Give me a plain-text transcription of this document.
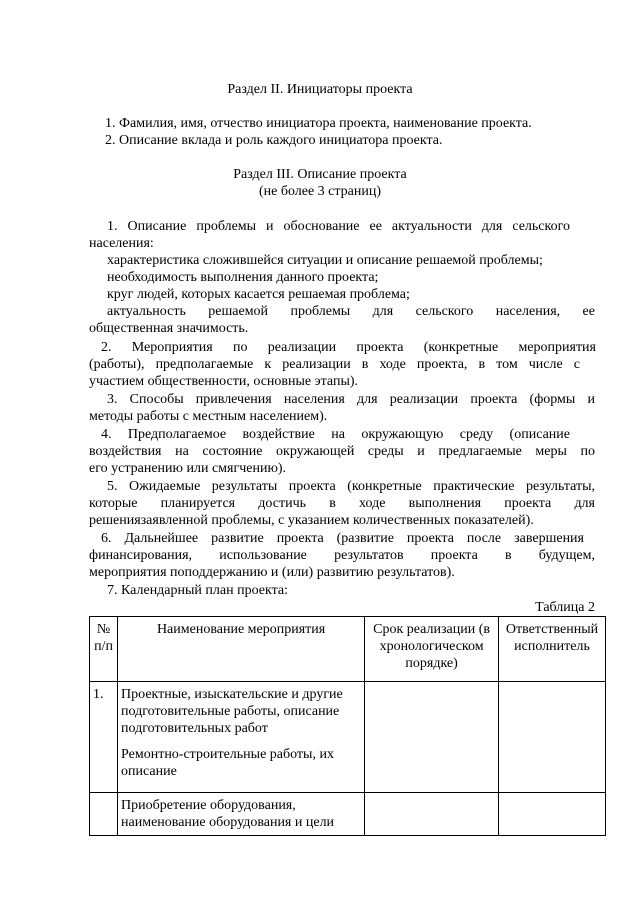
Раздел II. Инициаторы проекта
1. Фамилия, имя, отчество инициатора проекта, наименование проекта.
2. Описание вклада и роль каждого инициатора проекта.
Раздел III. Описание проекта
(не более 3 страниц)
1. Описание проблемы и обоснование ее актуальности для сельского
населения:
характеристика сложившейся ситуации и описание решаемой проблемы;
необходимость выполнения данного проекта;
круг людей, которых касается решаемая проблема;
актуальность решаемой проблемы для сельского населения, ее
общественная значимость.
2. Мероприятия по реализации проекта (конкретные мероприятия
(работы), предполагаемые к реализации в ходе проекта, в том числе с
участием общественности, основные этапы).
3. Способы привлечения населения для реализации проекта (формы и
методы работы с местным населением).
4. Предполагаемое воздействие на окружающую среду (описание
воздействия на состояние окружающей среды и предлагаемые меры по
его устранению или смягчению).
5. Ожидаемые результаты проекта (конкретные практические результаты,
которые планируется достичь в ходе выполнения проекта для
решениязаявленной проблемы, с указанием количественных показателей).
6. Дальнейшее развитие проекта (развитие проекта после завершения
финансирования, использование результатов проекта в будущем,
мероприятия поподдержанию и (или) развитию результатов).
7. Календарный план проекта:
Таблица 2
№ п/п	Наименование мероприятия	Срок реализации (в хронологическом порядке)	Ответственный исполнитель
1.	Проектные, изыскательские и другие подготовительные работы, описание подготовительных работ

Ремонтно-строительные работы, их описание		

	Приобретение оборудования, наименование оборудования и цели		
